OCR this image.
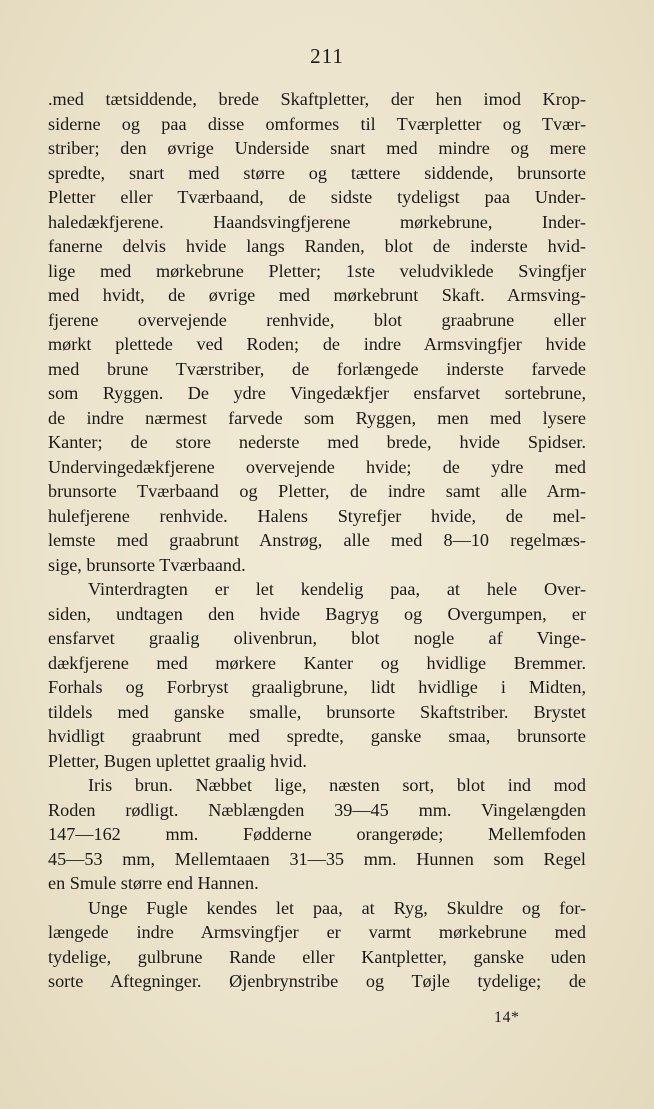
211
.med tætsiddende, brede Skaftpletter, der hen imod Krop-
siderne og paa disse omformes til Tværpletter og Tvær-
striber; den øvrige Underside snart med mindre og mere
spredte, snart med større og tættere siddende, brunsorte
Pletter eller Tværbaand, de sidste tydeligst paa Under-
haledækfjerene. Haandsvingfjerene mørkebrune, Inder-
fanerne delvis hvide langs Randen, blot de inderste hvid-
lige med mørkebrune Pletter; 1ste veludviklede Svingfjer
med hvidt, de øvrige med mørkebrunt Skaft. Armsving-
fjerene overvejende renhvide, blot graabrune eller
mørkt plettede ved Roden; de indre Armsvingfjer hvide
med brune Tværstriber, de forlængede inderste farvede
som Ryggen. De ydre Vingedækfjer ensfarvet sortebrune,
de indre nærmest farvede som Ryggen, men med lysere
Kanter; de store nederste med brede, hvide Spidser.
Undervingedækfjerene overvejende hvide; de ydre med
brunsorte Tværbaand og Pletter, de indre samt alle Arm-
hulefjerene renhvide. Halens Styrefjer hvide, de mel-
lemste med graabrunt Anstrøg, alle med 8—10 regelmæs-
sige, brunsorte Tværbaand.
Vinterdragten er let kendelig paa, at hele Over-
siden, undtagen den hvide Bagryg og Overgumpen, er
ensfarvet graalig olivenbrun, blot nogle af Vinge-
dækfjerene med mørkere Kanter og hvidlige Bremmer.
Forhals og Forbryst graaligbrune, lidt hvidlige i Midten,
tildels med ganske smalle, brunsorte Skaftstriber. Brystet
hvidligt graabrunt med spredte, ganske smaa, brunsorte
Pletter, Bugen uplettet graalig hvid.
Iris brun. Næbbet lige, næsten sort, blot ind mod
Roden rødligt. Næblængden 39—45 mm. Vingelængden
147—162 mm. Fødderne orangerøde; Mellemfoden
45—53 mm, Mellemtaaen 31—35 mm. Hunnen som Regel
en Smule større end Hannen.
Unge Fugle kendes let paa, at Ryg, Skuldre og for-
længede indre Armsvingfjer er varmt mørkebrune med
tydelige, gulbrune Rande eller Kantpletter, ganske uden
sorte Aftegninger. Øjenbrynstribe og Tøjle tydelige; de
14*
